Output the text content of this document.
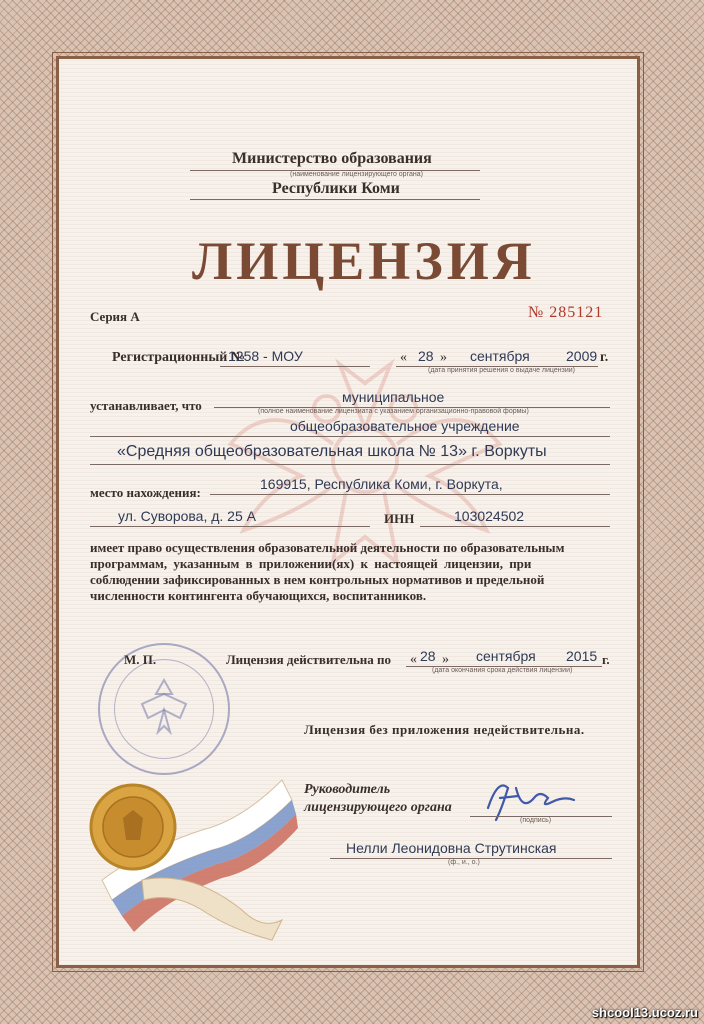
Министерство образования
(наименование лицензирующего органа)
Республики Коми
ЛИЦЕНЗИЯ
Серия А	№ 285121
Регистрационный №
1258 - МОУ	« 28 » сентября	2009 г.
(дата принятия решения о выдаче лицензии)
устанавливает, что
муниципальное
(полное наименование лицензиата с указанием организационно-правовой формы)
общеобразовательное учреждение
«Средняя общеобразовательная школа № 13» г. Воркуты
место нахождения:
169915, Республика Коми, г. Воркута,
ул. Суворова, д. 25 А	ИНН	103024502
имеет право осуществления образовательной деятельности по образовательным
программам, указанным в приложении(ях) к настоящей лицензии, при
соблюдении зафиксированных в нем контрольных нормативов и предельной
численности контингента обучающихся, воспитанников.
М. П.	Лицензия действительна по « 28 » сентября 2015 г.
(дата окончания срока действия лицензии)
Лицензия без приложения недействительна.
Руководитель
лицензирующего органа
(подпись)
Нелли Леонидовна Струтинская
(ф., и., о.)
shcool13.ucoz.ru
